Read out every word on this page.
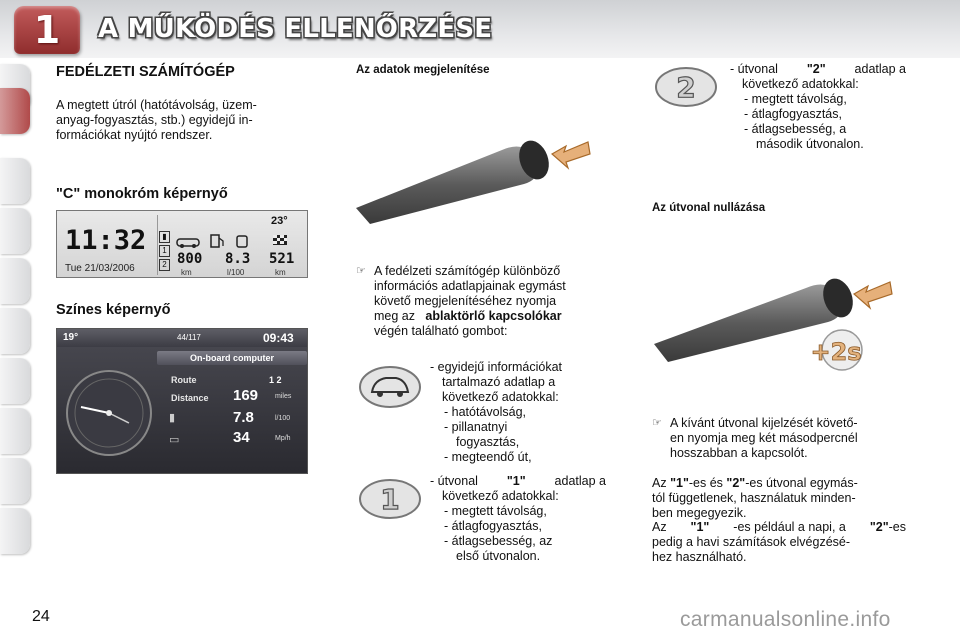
1	A MŰKÖDÉS ELLENŐRZÉSE
FEDÉLZETI SZÁMÍTÓGÉP
A megtett útról (hatótávolság, üzem-
anyag-fogyasztás, stb.) egyidejű in-
formációkat nyújtó rendszer.
"C" monokróm képernyő
11:32
Tue 21/03/2006
23°
▮
1
2 800 8.3 521
km	l/100	km
Színes képernyő
19°	44/117	09:43
On-board computer
Route	1 2
Distance 169 miles
▮	7.8	l/100
▭	34	Mp/h
Az adatok megjelenítése
☞ A fedélzeti számítógép különböző
információs adatlapjainak egymást
követő megjelenítéséhez nyomja
meg az ablaktörlő kapcsolókar
végén található gombot:
- egyidejű információkat
tartalmazó adatlap a
következő adatokkal:
- hatótávolság,
- pillanatnyi
fogyasztás,
- megteendő út,
1
- útvonal "1" adatlap a
következő adatokkal:
- megtett távolság,
- átlagfogyasztás,
- átlagsebesség, az
első útvonalon.
2
- útvonal "2" adatlap a
következő adatokkal:
- megtett távolság,
- átlagfogyasztás,
- átlagsebesség, a
második útvonalon.
Az útvonal nullázása
+2s
☞ A kívánt útvonal kijelzését követő-
en nyomja meg két másodpercnél
hosszabban a kapcsolót.
Az "1"-es és "2"-es útvonal egymás-
tól függetlenek, használatuk minden-
ben megegyezik.
Az "1" -es például a napi, a "2"-es
pedig a havi számítások elvégzésé-
hez használható.
24	carmanualsonline.info
